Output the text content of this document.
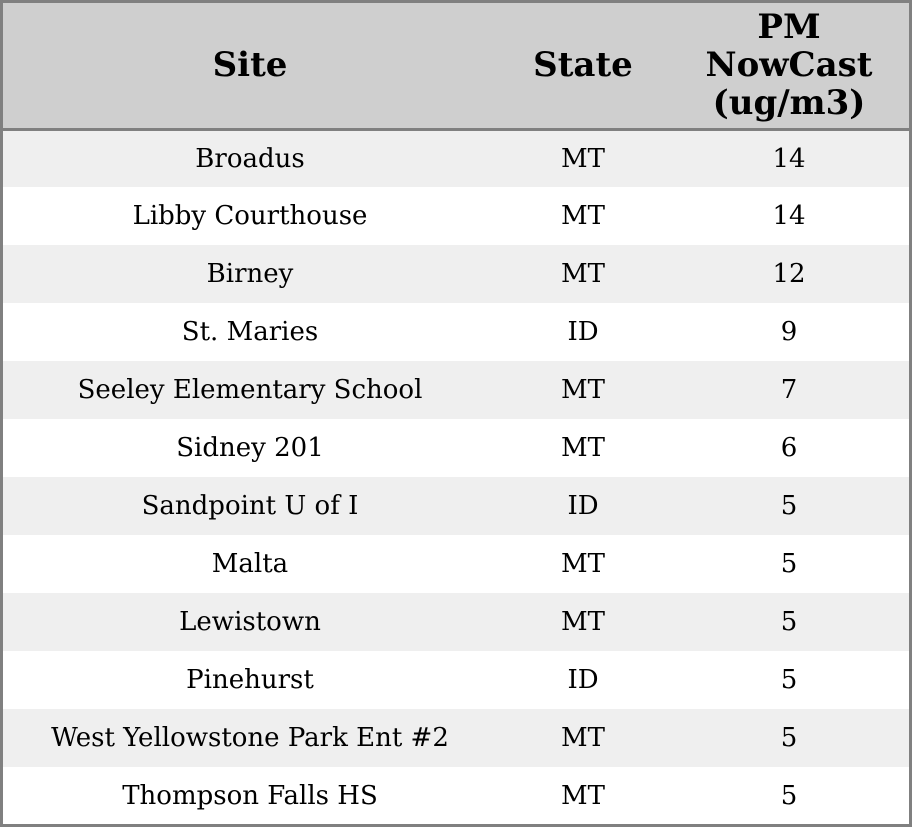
Site	State	PM
NowCast
(ug/m3)

Broadus	MT	14
Libby Courthouse	MT	14
Birney	MT	12
St. Maries	ID	9
Seeley Elementary School	MT	7
Sidney 201	MT	6
Sandpoint U of I	ID	5
Malta	MT	5
Lewistown	MT	5
Pinehurst	ID	5
West Yellowstone Park Ent #2	MT	5
Thompson Falls HS	MT	5
